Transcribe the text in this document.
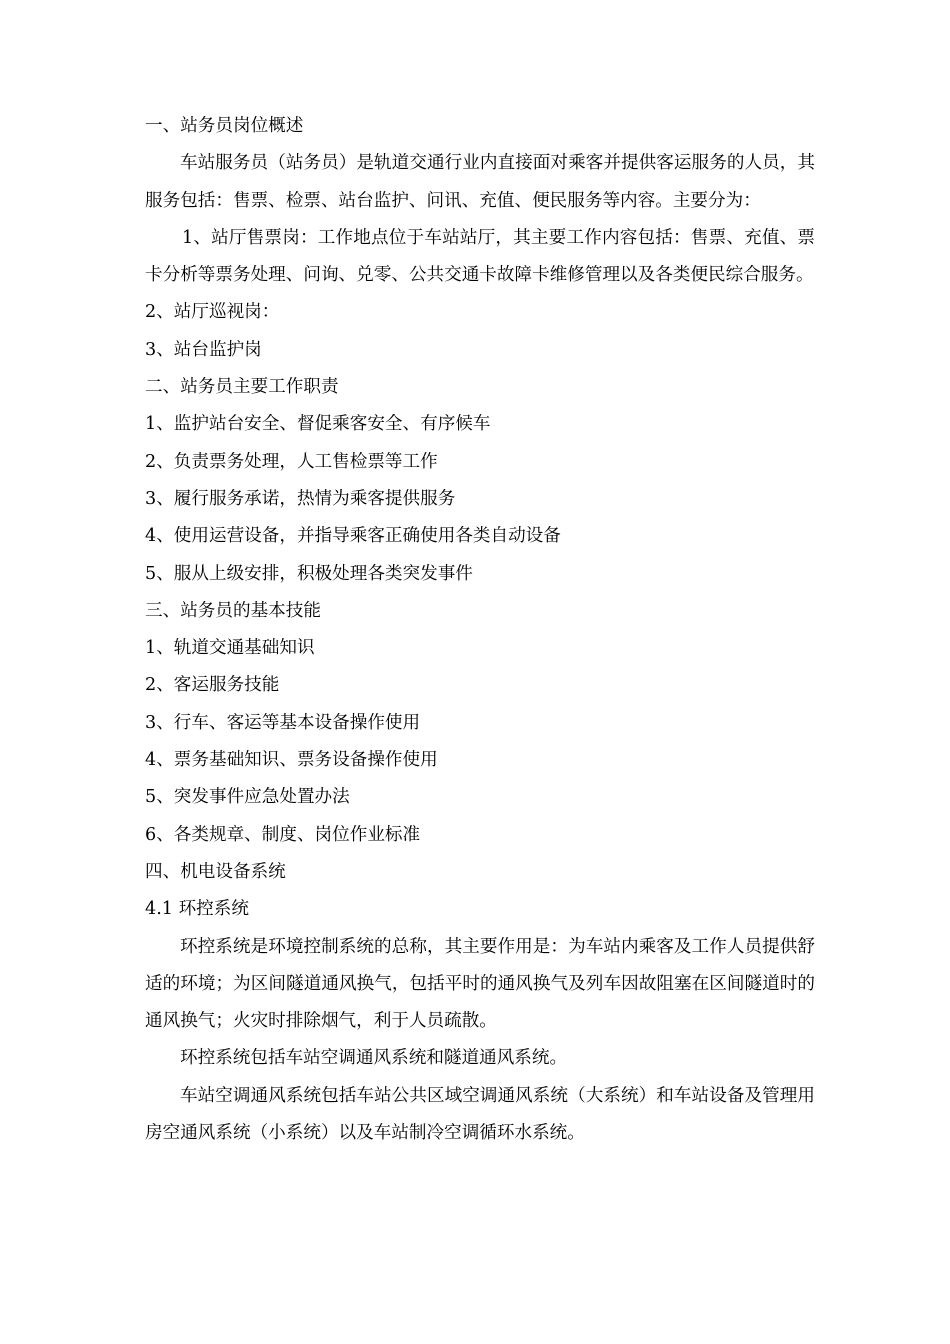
一、站务员岗位概述

车站服务员（站务员）是轨道交通行业内直接面对乘客并提供客运服务的人员，其服务包括：售票、检票、站台监护、问讯、充值、便民服务等内容。主要分为：

1、站厅售票岗：工作地点位于车站站厅，其主要工作内容包括：售票、充值、票卡分析等票务处理、问询、兑零、公共交通卡故障卡维修管理以及各类便民综合服务。

2、站厅巡视岗：

3、站台监护岗

二、站务员主要工作职责

1、监护站台安全、督促乘客安全、有序候车

2、负责票务处理，人工售检票等工作

3、履行服务承诺，热情为乘客提供服务

4、使用运营设备，并指导乘客正确使用各类自动设备

5、服从上级安排，积极处理各类突发事件

三、站务员的基本技能

1、轨道交通基础知识

2、客运服务技能

3、行车、客运等基本设备操作使用

4、票务基础知识、票务设备操作使用

5、突发事件应急处置办法

6、各类规章、制度、岗位作业标准

四、机电设备系统

4.1 环控系统

环控系统是环境控制系统的总称，其主要作用是：为车站内乘客及工作人员提供舒适的环境；为区间隧道通风换气，包括平时的通风换气及列车因故阻塞在区间隧道时的通风换气；火灾时排除烟气，利于人员疏散。

环控系统包括车站空调通风系统和隧道通风系统。

车站空调通风系统包括车站公共区域空调通风系统（大系统）和车站设备及管理用房空通风系统（小系统）以及车站制冷空调循环水系统。
